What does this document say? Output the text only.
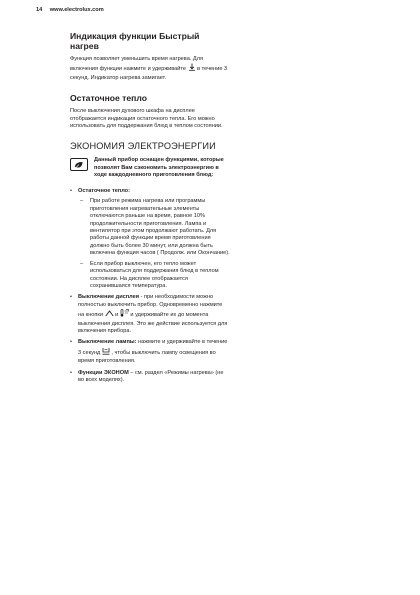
14 www.electrolux.com
Индикация функции Быстрый нагрев
Функция позволяет уменьшить время нагрева. Для включения функции нажмите и удерживайте в течение 3 секунд. Индикатор нагрева замигает.
Остаточное тепло
После выключения духового шкафа на дисплее отображается индикация остаточного тепла. Его можно использовать для поддержания блюд в теплом состоянии.
ЭКОНОМИЯ ЭЛЕКТРОЭНЕРГИИ
Данный прибор оснащен функциями, которые позволят Вам сэкономить электроэнергию в ходе каждодневного приготовления блюд:
• Остаточное тепло:
– При работе режима нагрева или программы приготовления нагревательные элементы отключаются раньше на время, равное 10% продолжительности приготовления. Лампа и вентилятор при этом продолжают работать. Для работы данной функции время приготовления должно быть более 30 минут, или должна быть включена функция часов ( Продолж. или Окончание).
– Если прибор выключен, его тепло может использоваться для поддержания блюд в теплом состоянии. На дисплее отображается сохранившаяся температура.
• Выключение дисплея - при необходимости можно полностью выключить прибор. Одновременно нажмите на кнопки и и удерживайте их до момента выключения дисплея. Это же действие используется для включения прибора.
• Выключение лампы: нажмите и удерживайте в течение 3 секунд , чтобы выключить лампу освещения во время приготовления.
• Функции ЭКОНОМ – см. раздел «Режимы нагрева» (не во всех моделях).
